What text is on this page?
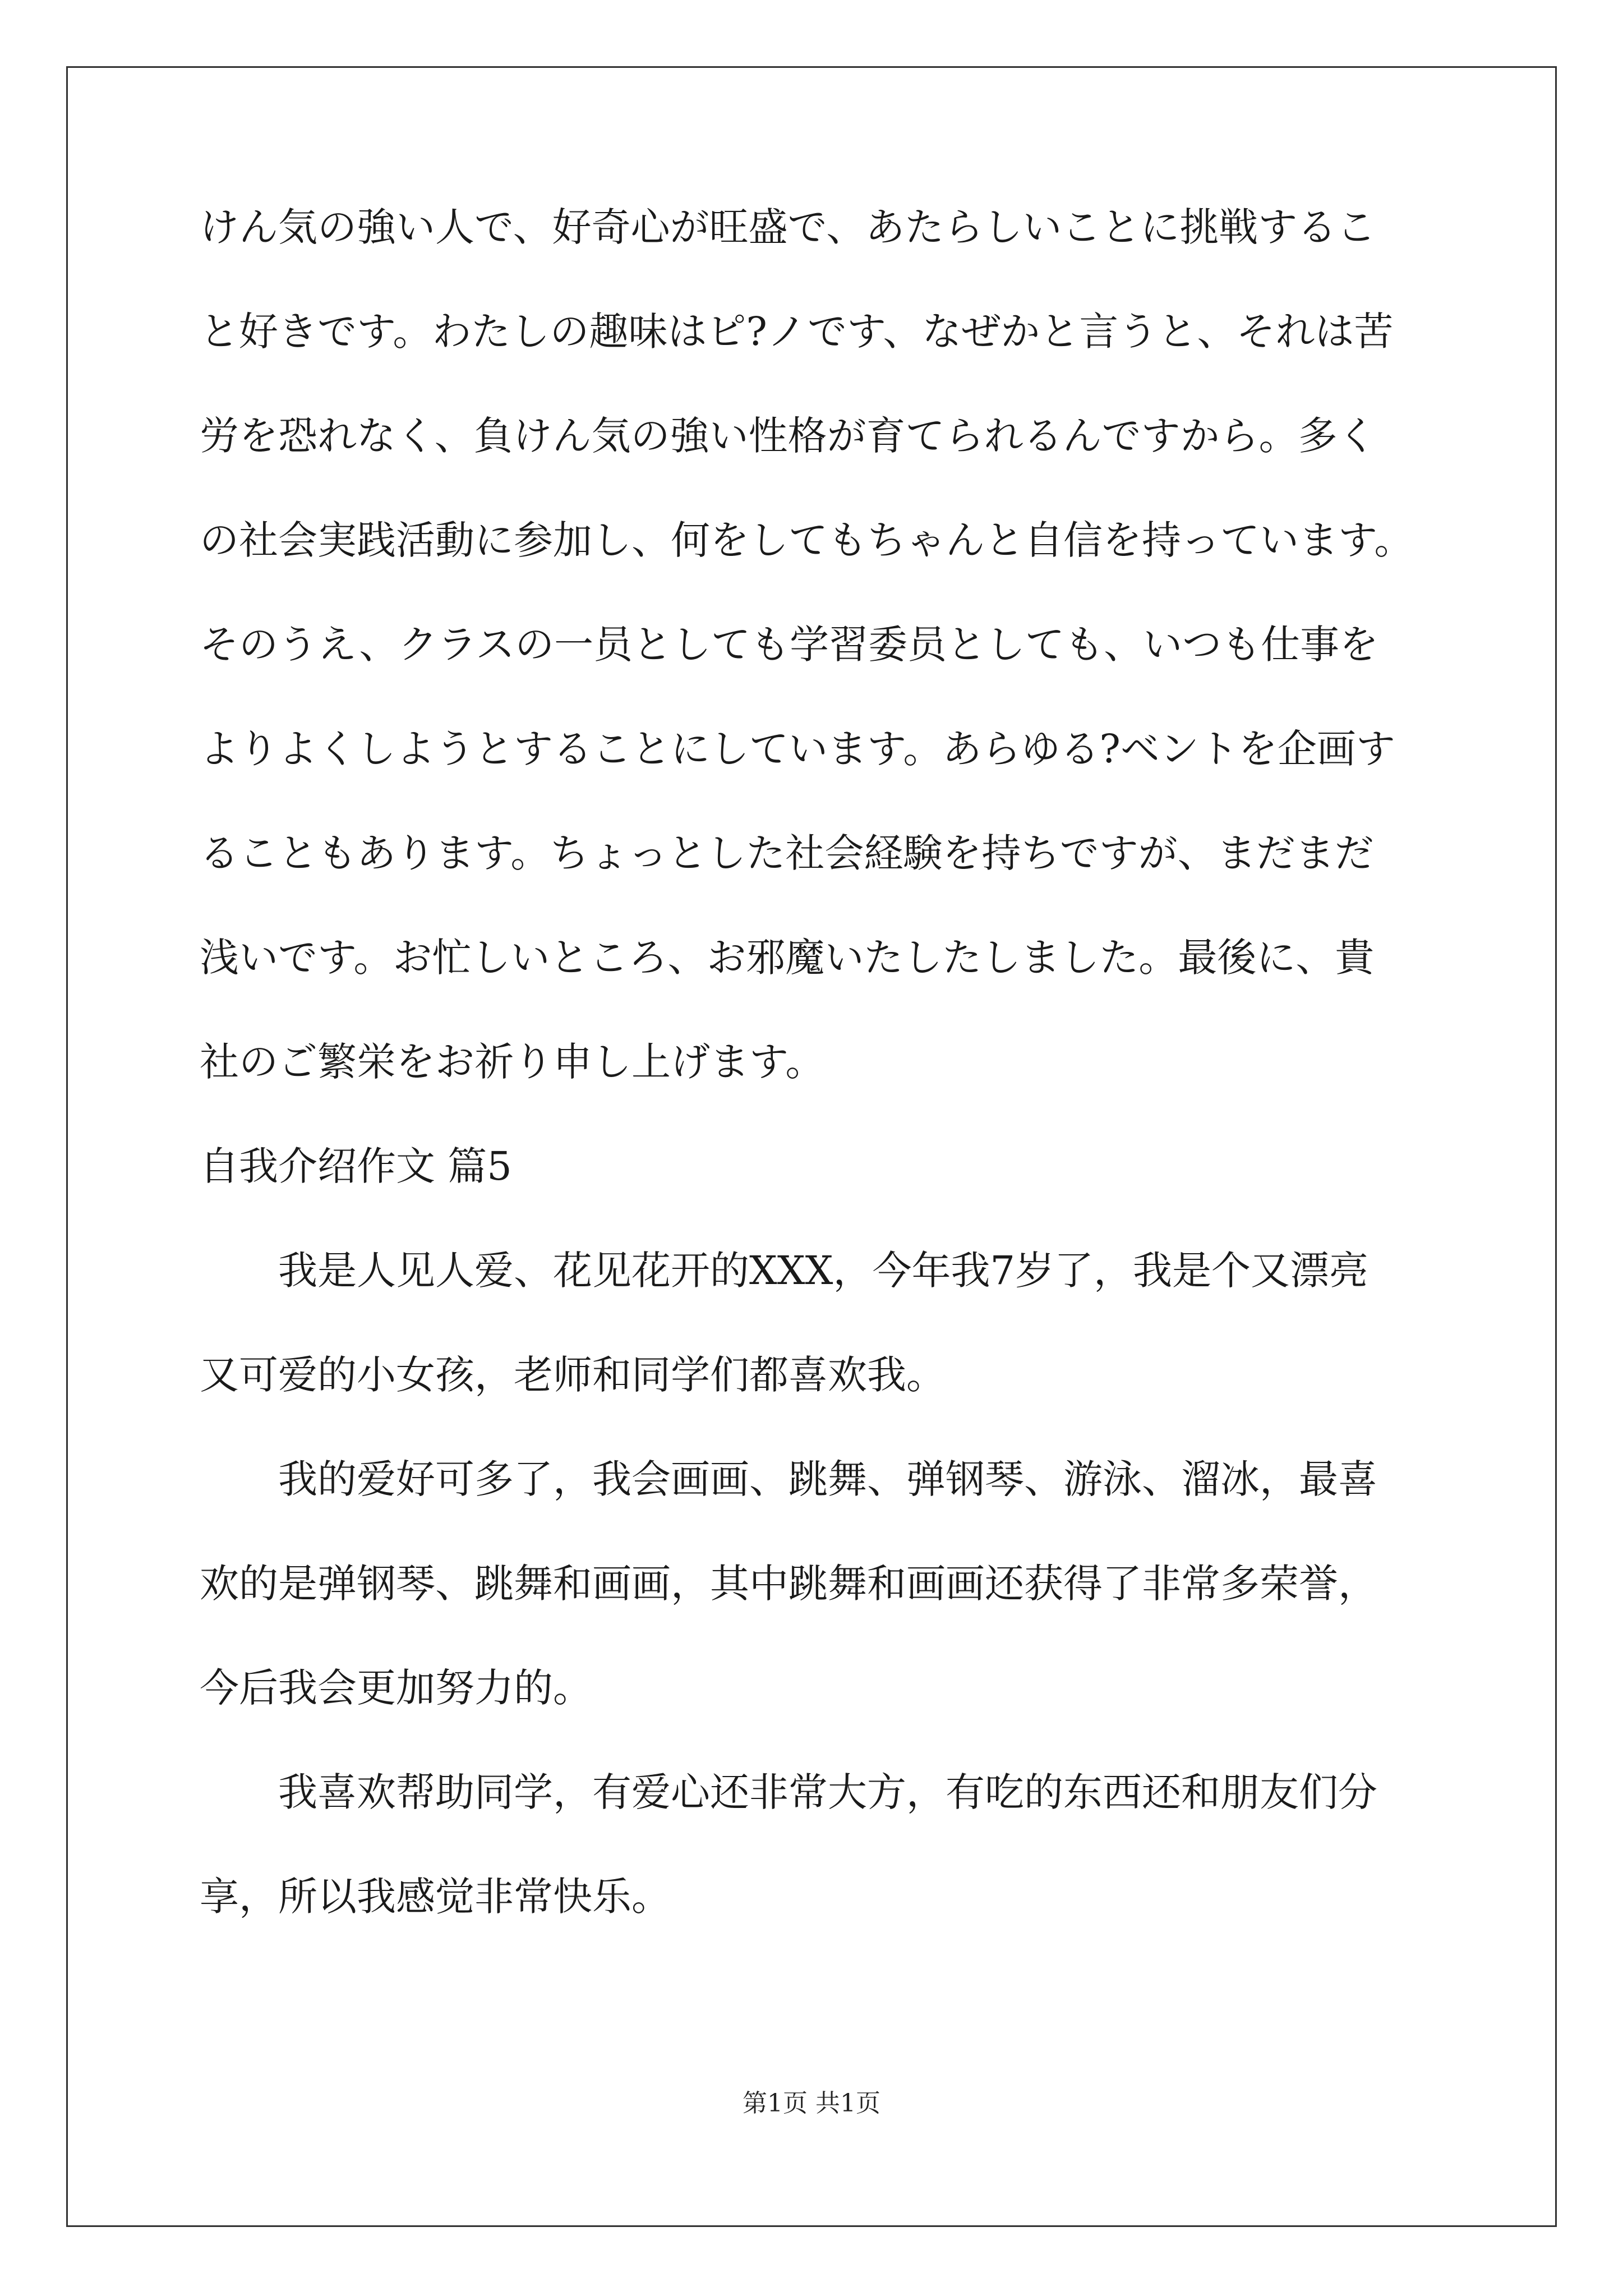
けん気の強い人で、好奇心が旺盛で、あたらしいことに挑戦するこ
と好きです。わたしの趣味はピ?ノです、なぜかと言うと、それは苦
労を恐れなく、負けん気の強い性格が育てられるんですから。多く
の社会実践活動に参加し、何をしてもちゃんと自信を持っています。
そのうえ、クラスの一员としても学習委员としても、いつも仕事を
よりよくしようとすることにしています。あらゆる?ベントを企画す
ることもあります。ちょっとした社会経験を持ちですが、まだまだ
浅いです。お忙しいところ、お邪魔いたしたしました。最後に、貴
社のご繁栄をお祈り申し上げます。
自我介绍作文 篇5
我是人见人爱、花见花开的XXX，今年我7岁了，我是个又漂亮
又可爱的小女孩，老师和同学们都喜欢我。
我的爱好可多了，我会画画、跳舞、弹钢琴、游泳、溜冰，最喜
欢的是弹钢琴、跳舞和画画，其中跳舞和画画还获得了非常多荣誉，
今后我会更加努力的。
我喜欢帮助同学，有爱心还非常大方，有吃的东西还和朋友们分
享，所以我感觉非常快乐。
第1页 共1页
